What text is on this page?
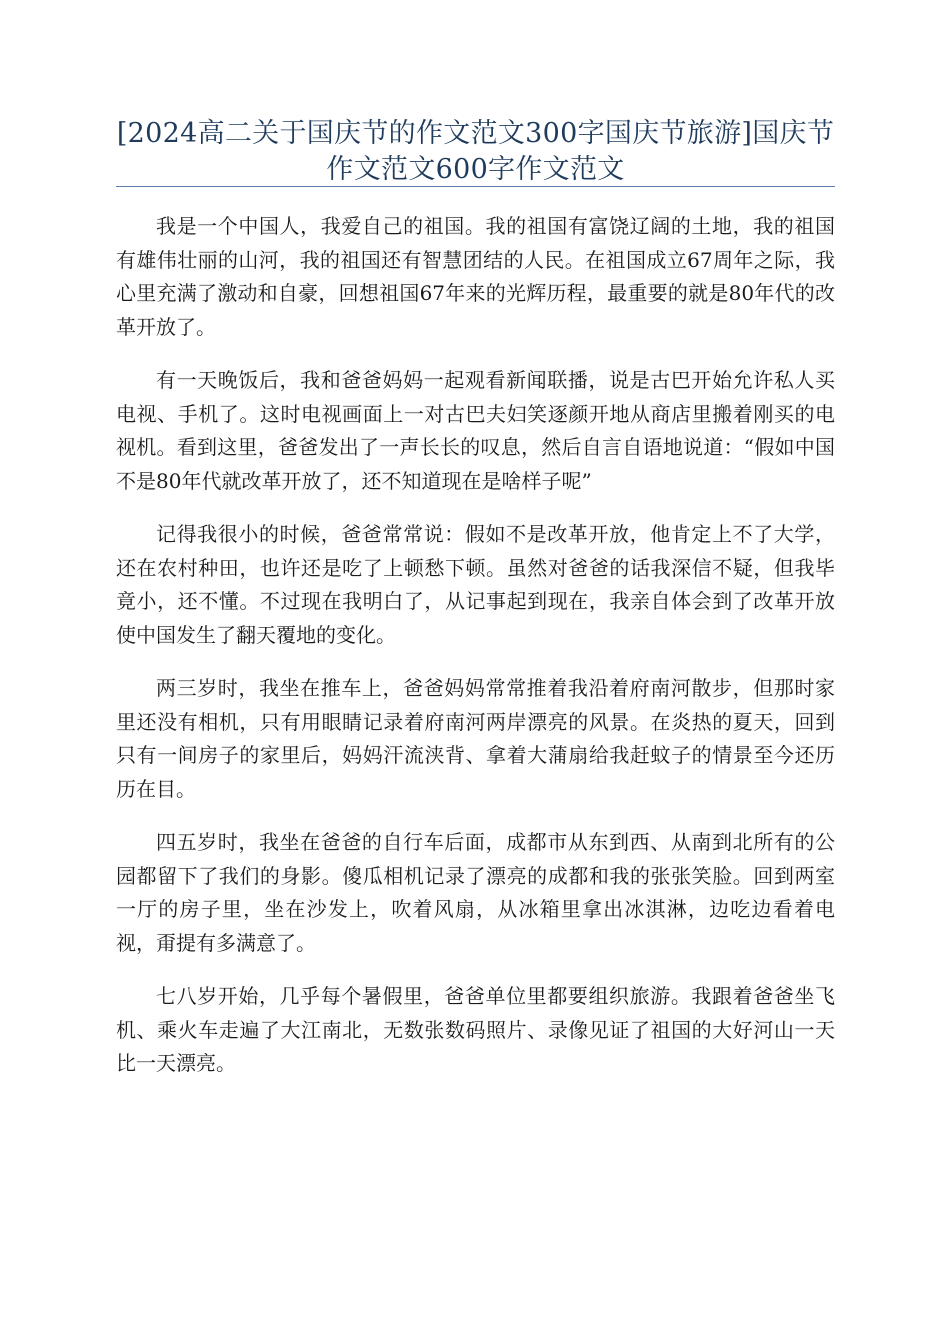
[2024高二关于国庆节的作文范文300字国庆节旅游]国庆节作文范文600字作文范文

我是一个中国人，我爱自己的祖国。我的祖国有富饶辽阔的土地，我的祖国有雄伟壮丽的山河，我的祖国还有智慧团结的人民。在祖国成立67周年之际，我心里充满了激动和自豪，回想祖国67年来的光辉历程，最重要的就是80年代的改革开放了。

有一天晚饭后，我和爸爸妈妈一起观看新闻联播，说是古巴开始允许私人买电视、手机了。这时电视画面上一对古巴夫妇笑逐颜开地从商店里搬着刚买的电视机。看到这里，爸爸发出了一声长长的叹息，然后自言自语地说道：“假如中国不是80年代就改革开放了，还不知道现在是啥样子呢”

记得我很小的时候，爸爸常常说：假如不是改革开放，他肯定上不了大学，还在农村种田，也许还是吃了上顿愁下顿。虽然对爸爸的话我深信不疑，但我毕竟小，还不懂。不过现在我明白了，从记事起到现在，我亲自体会到了改革开放使中国发生了翻天覆地的变化。

两三岁时，我坐在推车上，爸爸妈妈常常推着我沿着府南河散步，但那时家里还没有相机，只有用眼睛记录着府南河两岸漂亮的风景。在炎热的夏天，回到只有一间房子的家里后，妈妈汗流浃背、拿着大蒲扇给我赶蚊子的情景至今还历历在目。

四五岁时，我坐在爸爸的自行车后面，成都市从东到西、从南到北所有的公园都留下了我们的身影。傻瓜相机记录了漂亮的成都和我的张张笑脸。回到两室一厅的房子里，坐在沙发上，吹着风扇，从冰箱里拿出冰淇淋，边吃边看着电视，甭提有多满意了。

七八岁开始，几乎每个暑假里，爸爸单位里都要组织旅游。我跟着爸爸坐飞机、乘火车走遍了大江南北，无数张数码照片、录像见证了祖国的大好河山一天比一天漂亮。
